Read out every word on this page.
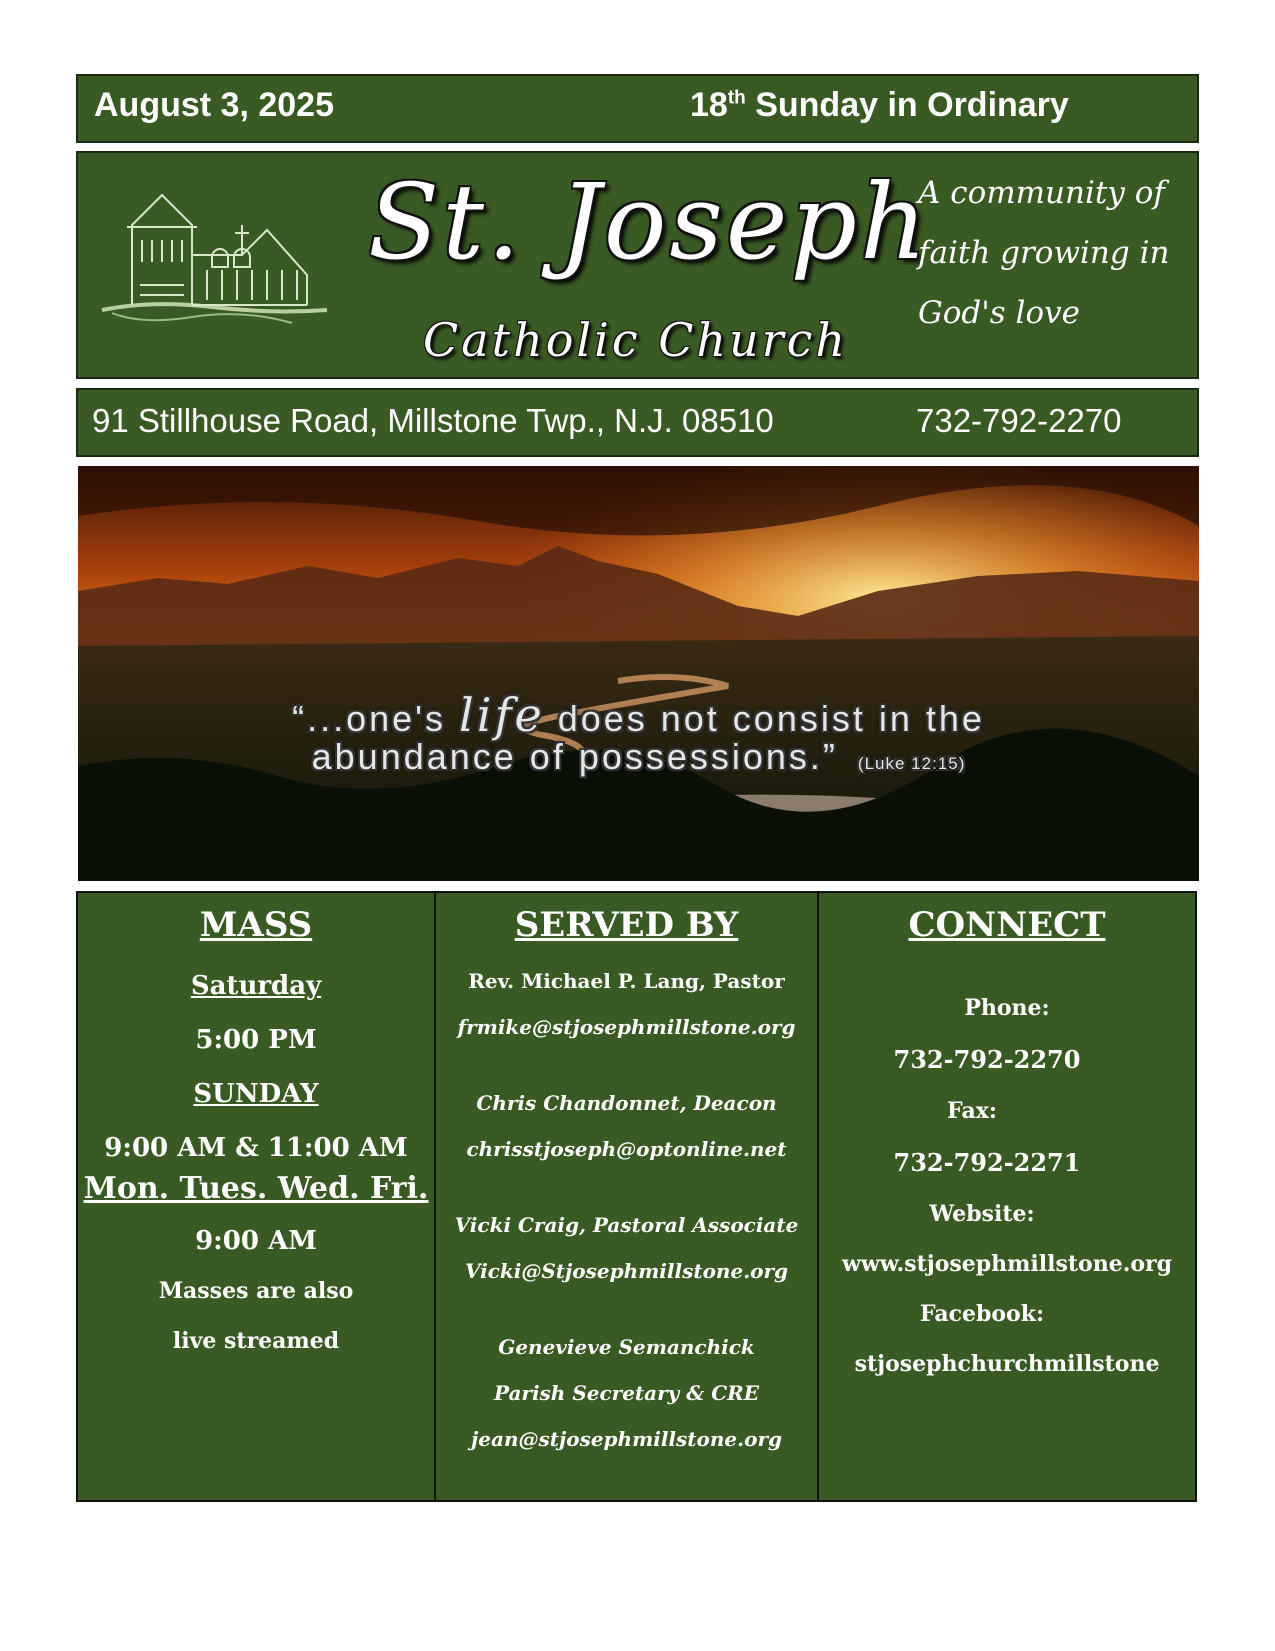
August 3, 2025	18th Sunday in Ordinary
St. Joseph
Catholic Church
A community of
faith growing in
God's love
91 Stillhouse Road, Millstone Twp., N.J. 08510	732-792-2270
“...one's life does not consist in the
abundance of possessions.” (Luke 12:15)
MASS
Saturday
5:00 PM
SUNDAY
9:00 AM & 11:00 AM
Mon. Tues. Wed. Fri.
9:00 AM
Masses are also
live streamed
SERVED BY
Rev. Michael P. Lang, Pastor
frmike@stjosephmillstone.org
Chris Chandonnet, Deacon
chrisstjoseph@optonline.net
Vicki Craig, Pastoral Associate
Vicki@Stjosephmillstone.org
Genevieve Semanchick
Parish Secretary & CRE
jean@stjosephmillstone.org
CONNECT
Phone:
732-792-2270
Fax:
732-792-2271
Website:
www.stjosephmillstone.org
Facebook:
stjosephchurchmillstone
